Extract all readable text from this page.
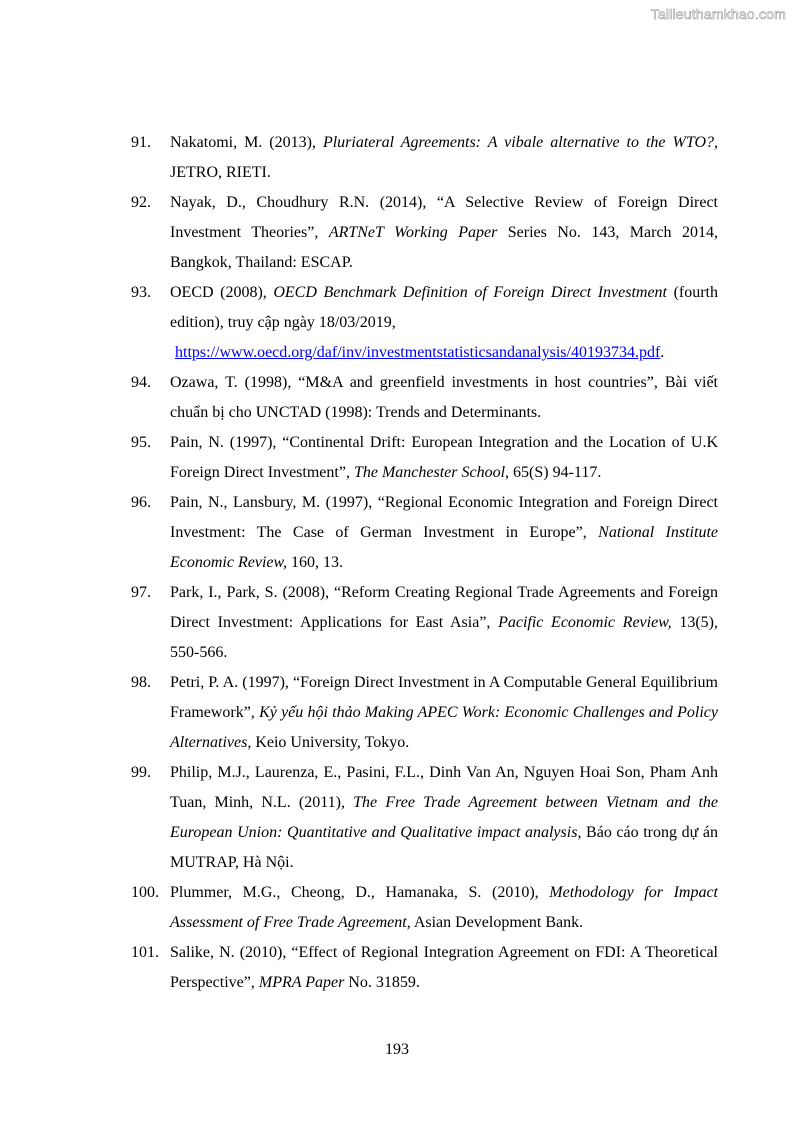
Tailieuthamkhao.com
91. Nakatomi, M. (2013), Pluriateral Agreements: A vibale alternative to the WTO?, JETRO, RIETI.
92. Nayak, D., Choudhury R.N. (2014), “A Selective Review of Foreign Direct Investment Theories”, ARTNeT Working Paper Series No. 143, March 2014, Bangkok, Thailand: ESCAP.
93. OECD (2008), OECD Benchmark Definition of Foreign Direct Investment (fourth edition), truy cập ngày 18/03/2019,
https://www.oecd.org/daf/inv/investmentstatisticsandanalysis/40193734.pdf.
94. Ozawa, T. (1998), “M&A and greenfield investments in host countries”, Bài viết chuẩn bị cho UNCTAD (1998): Trends and Determinants.
95. Pain, N. (1997), “Continental Drift: European Integration and the Location of U.K Foreign Direct Investment”, The Manchester School, 65(S) 94-117.
96. Pain, N., Lansbury, M. (1997), “Regional Economic Integration and Foreign Direct Investment: The Case of German Investment in Europe”, National Institute Economic Review, 160, 13.
97. Park, I., Park, S. (2008), “Reform Creating Regional Trade Agreements and Foreign Direct Investment: Applications for East Asia”, Pacific Economic Review, 13(5), 550-566.
98. Petri, P. A. (1997), “Foreign Direct Investment in A Computable General Equilibrium Framework”, Kỷ yếu hội thảo Making APEC Work: Economic Challenges and Policy Alternatives, Keio University, Tokyo.
99. Philip, M.J., Laurenza, E., Pasini, F.L., Dinh Van An, Nguyen Hoai Son, Pham Anh Tuan, Minh, N.L. (2011), The Free Trade Agreement between Vietnam and the European Union: Quantitative and Qualitative impact analysis, Báo cáo trong dự án MUTRAP, Hà Nội.
100. Plummer, M.G., Cheong, D., Hamanaka, S. (2010), Methodology for Impact Assessment of Free Trade Agreement, Asian Development Bank.
101. Salike, N. (2010), “Effect of Regional Integration Agreement on FDI: A Theoretical Perspective”, MPRA Paper No. 31859.
193
